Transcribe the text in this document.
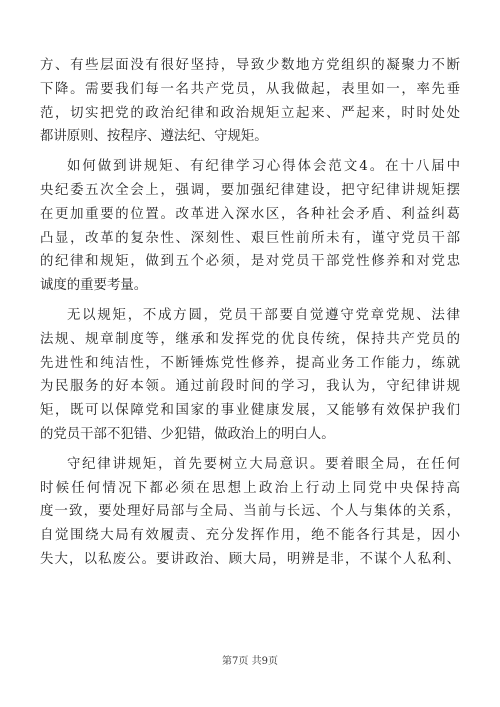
方、有些层面没有很好坚持，导致少数地方党组织的凝聚力不断
下降。需要我们每一名共产党员，从我做起，表里如一，率先垂
范，切实把党的政治纪律和政治规矩立起来、严起来，时时处处
都讲原则、按程序、遵法纪、守规矩。
如何做到讲规矩、有纪律学习心得体会范文4。在十八届中
央纪委五次全会上，强调，要加强纪律建设，把守纪律讲规矩摆
在更加重要的位置。改革进入深水区，各种社会矛盾、利益纠葛
凸显，改革的复杂性、深刻性、艰巨性前所未有，谨守党员干部
的纪律和规矩，做到五个必须，是对党员干部党性修养和对党忠
诚度的重要考量。
无以规矩，不成方圆，党员干部要自觉遵守党章党规、法律
法规、规章制度等，继承和发挥党的优良传统，保持共产党员的
先进性和纯洁性，不断锤炼党性修养，提高业务工作能力，练就
为民服务的好本领。通过前段时间的学习，我认为，守纪律讲规
矩，既可以保障党和国家的事业健康发展，又能够有效保护我们
的党员干部不犯错、少犯错，做政治上的明白人。
守纪律讲规矩，首先要树立大局意识。要着眼全局，在任何
时候任何情况下都必须在思想上政治上行动上同党中央保持高
度一致，要处理好局部与全局、当前与长远、个人与集体的关系，
自觉围绕大局有效履责、充分发挥作用，绝不能各行其是，因小
失大，以私废公。要讲政治、顾大局，明辨是非，不谋个人私利、
第7页 共9页
